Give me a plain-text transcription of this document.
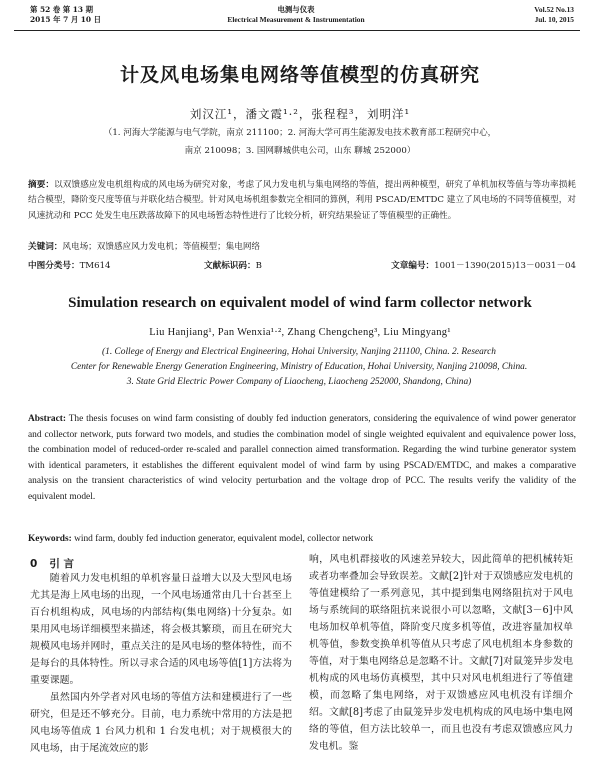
第 52 卷 第 13 期
2015 年 7 月 10 日
电测与仪表
Electrical Measurement & Instrumentation
Vol.52 No.13
Jul. 10, 2015
计及风电场集电网络等值模型的仿真研究
刘汉江¹，潘文霞¹·²，张程程³，刘明洋¹
（1. 河海大学能源与电气学院，南京 211100；2. 河海大学可再生能源发电技术教育部工程研究中心，
南京 210098；3. 国网聊城供电公司，山东 聊城 252000）
摘要：以双馈感应发电机组构成的风电场为研究对象，考虑了风力发电机与集电网络的等值，提出两种模型，研究了单机加权等值与等功率损耗结合模型，降阶变尺度等值与并联化结合模型。针对风电场机组参数完全相同的算例，利用 PSCAD/EMTDC 建立了风电场的不同等值模型，对风速扰动和 PCC 处发生电压跌落故障下的风电场暂态特性进行了比较分析，研究结果验证了等值模型的正确性。
关键词：风电场；双馈感应风力发电机；等值模型；集电网络
中图分类号：TM614	文献标识码：B	文章编号：1001－1390(2015)13－0031－04
Simulation research on equivalent model of wind farm collector network
Liu Hanjiang¹, Pan Wenxia¹·², Zhang Chengcheng³, Liu Mingyang¹
(1. College of Energy and Electrical Engineering, Hohai University, Nanjing 211100, China. 2. Research
Center for Renewable Energy Generation Engineering, Ministry of Education, Hohai University, Nanjing 210098, China.
3. State Grid Electric Power Company of Liaocheng, Liaocheng 252000, Shandong, China)
Abstract: The thesis focuses on wind farm consisting of doubly fed induction generators, considering the equivalence of wind power generator and collector network, puts forward two models, and studies the combination model of single weighted equivalent and equivalence power loss, the combination model of reduced-order re-scaled and parallel connection aimed transformation. Regarding the wind turbine generator system with identical parameters, it establishes the different equivalent model of wind farm by using PSCAD/EMTDC, and makes a comparative analysis on the transient characteristics of wind velocity perturbation and the voltage drop of PCC. The results verify the validity of the equivalent model.
Keywords: wind farm, doubly fed induction generator, equivalent model, collector network
0 引 言

随着风力发电机组的单机容量日益增大以及大型风电场尤其是海上风电场的出现，一个风电场通常由几十台甚至上百台机组构成，风电场的内部结构(集电网络)十分复杂。如果用风电场详细模型来描述，将会极其繁琐，而且在研究大规模风电场并网时，重点关注的是风电场的整体特性，而不是每台的具体特性。所以寻求合适的风电场等值[1]方法将为重要课题。

虽然国内外学者对风电场的等值方法和建模进行了一些研究，但是还不够充分。目前，电力系统中常用的方法是把风电场等值成 1 台风力机和 1 台发电机；对于规模很大的风电场，由于尾流效应的影

响，风电机群接收的风速差异较大，因此简单的把机械转矩或者功率叠加会导致误差。文献[2]针对于双馈感应发电机的等值建模给了一系列意见，其中提到集电网络阻抗对于风电场与系统间的联络阻抗来说很小可以忽略，文献[3－6]中风电场加权单机等值，降阶变尺度多机等值，改进容量加权单机等值，参数变换单机等值从只考虑了风电机组本身参数的等值，对于集电网络总是忽略不计。文献[7]对鼠笼异步发电机构成的风电场仿真模型，其中只对风电机组进行了等值建模，而忽略了集电网络，对于双馈感应风电机没有详细介绍。文献[8]考虑了由鼠笼异步发电机构成的风电场中集电网络的等值，但方法比较单一，而且也没有考虑双馈感应风力发电机。鉴
